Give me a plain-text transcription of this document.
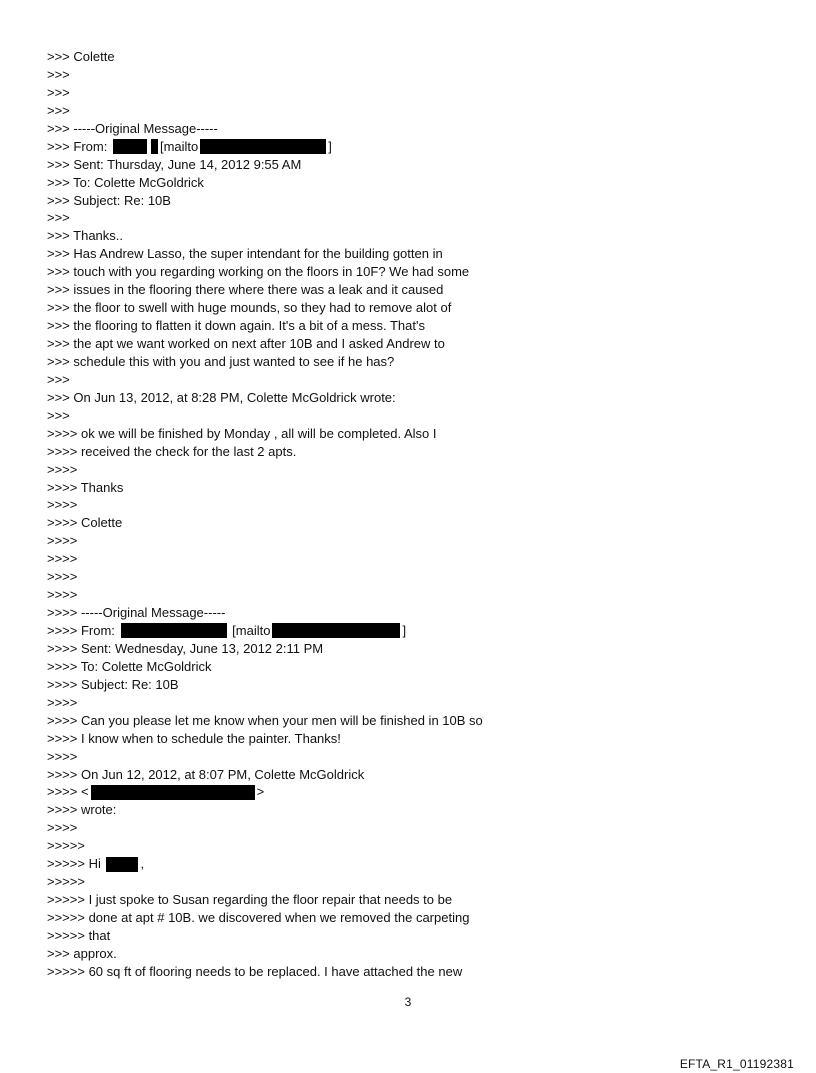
>>> Colette
>>>
>>>
>>>
>>> -----Original Message-----
>>> From:	[mailto	]
>>> Sent: Thursday, June 14, 2012 9:55 AM
>>> To: Colette McGoldrick
>>> Subject: Re: 10B
>>>
>>> Thanks..
>>> Has Andrew Lasso, the super intendant for the building gotten in
>>> touch with you regarding working on the floors in 10F? We had some
>>> issues in the flooring there where there was a leak and it caused
>>> the floor to swell with huge mounds, so they had to remove alot of
>>> the flooring to flatten it down again. It's a bit of a mess. That's
>>> the apt we want worked on next after 10B and I asked Andrew to
>>> schedule this with you and just wanted to see if he has?
>>>
>>> On Jun 13, 2012, at 8:28 PM, Colette McGoldrick wrote:
>>>
>>>> ok we will be finished by Monday , all will be completed. Also I
>>>> received the check for the last 2 apts.
>>>>
>>>> Thanks
>>>>
>>>> Colette
>>>>
>>>>
>>>>
>>>>
>>>> -----Original Message-----
>>>> From:	[mailto	]
>>>> Sent: Wednesday, June 13, 2012 2:11 PM
>>>> To: Colette McGoldrick
>>>> Subject: Re: 10B
>>>>
>>>> Can you please let me know when your men will be finished in 10B so
>>>> I know when to schedule the painter. Thanks!
>>>>
>>>> On Jun 12, 2012, at 8:07 PM, Colette McGoldrick
>>>> <	>
>>>> wrote:
>>>>
>>>>>
>>>>> Hi	,
>>>>>
>>>>> I just spoke to Susan regarding the floor repair that needs to be
>>>>> done at apt # 10B. we discovered when we removed the carpeting
>>>>> that
>>> approx.
>>>>> 60 sq ft of flooring needs to be replaced. I have attached the new
3
EFTA_R1_01192381
